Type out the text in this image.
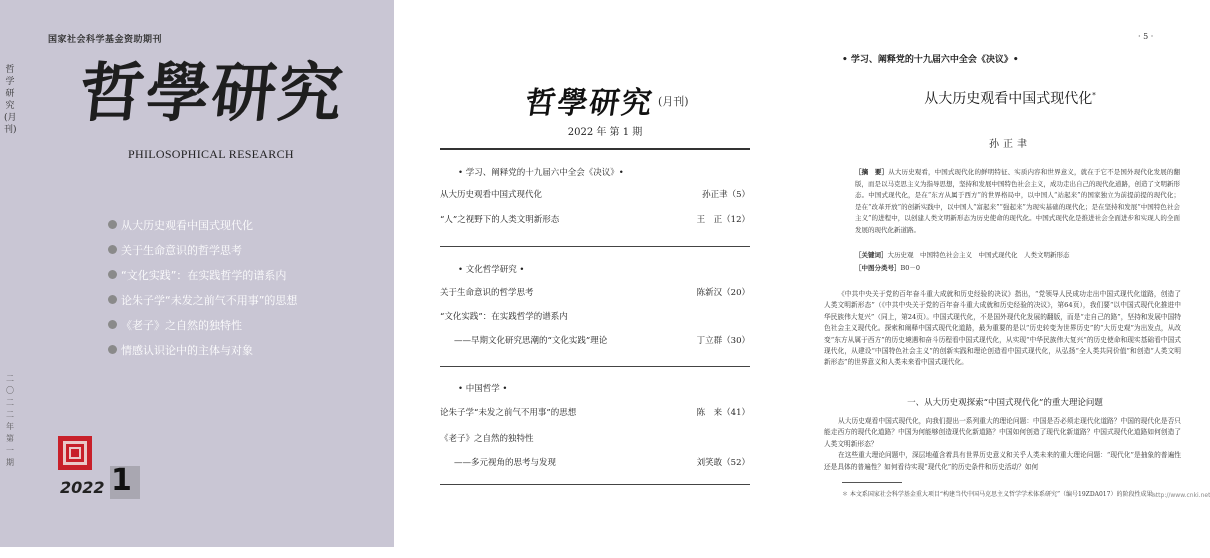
国家社会科学基金资助期刊
哲学研究(月刊) 哲學研究
PHILOSOPHICAL RESEARCH
从大历史观看中国式现代化
关于生命意识的哲学思考
“文化实践”：在实践哲学的谱系内
论朱子学“未发之前气不用事”的思想
《老子》之自然的独特性
情感认识论中的主体与对象
二〇二二年 第一期
2022 1
哲學研究 (月刊)
2022 年 第 1 期
• 学习、阐释党的十九届六中全会《决议》•
从大历史观看中国式现代化	孙正聿（5）
“人”之视野下的人类文明新形态	王　正（12）
• 文化哲学研究 •
关于生命意识的哲学思考	陈新汉（20）
“文化实践”：在实践哲学的谱系内
——早期文化研究思潮的“文化实践”理论	丁立群（30）
• 中国哲学 •
论朱子学“未发之前气不用事”的思想	陈　来（41）
《老子》之自然的独特性
——多元视角的思考与发现	刘笑敢（52）
· 5 ·
• 学习、阐释党的十九届六中全会《决议》•
从大历史观看中国式现代化*
孙正聿
［摘　要］从大历史观看，中国式现代化的鲜明特征、实质内容和世界意义，就在于它不是国外现代化发展的翻版，而是以马克思主义为指导思想，坚持和发展中国特色社会主义，成功走出自己的现代化道路，创造了文明新形态。中国式现代化，是在“东方从属于西方”的世界格局中，以中国人“站起来”的国家独立为前提前提的现代化；是在“改革开放”的创新实践中，以中国人“富起来”“强起来”为现实基础的现代化；是在坚持和发展“中国特色社会主义”的进程中，以创建人类文明新形态为历史使命的现代化。中国式现代化是推进社会全面进步和实现人的全面发展的现代化新道路。
［关键词］大历史观　中国特色社会主义　中国式现代化　人类文明新形态
［中图分类号］B0－0
《中共中央关于党的百年奋斗重大成就和历史经验的决议》指出，“党领导人民成功走出中国式现代化道路，创造了人类文明新形态”（《中共中央关于党的百年奋斗重大成就和历史经验的决议》，第64页），我们要“以中国式现代化推进中华民族伟大复兴”（同上，第24页）。中国式现代化，不是国外现代化发展的翻版，而是“走自己的路”，坚持和发展中国特色社会主义现代化。探索和阐释中国式现代化道路，最为重要的是以“历史转变为世界历史”的“大历史观”为出发点，从改变“东方从属于西方”的历史境遇和奋斗历程看中国式现代化，从实现“中华民族伟大复兴”的历史使命和现实基础看中国式现代化，从建设“中国特色社会主义”的创新实践和理论创造看中国式现代化，从弘扬“全人类共同价值”和创造“人类文明新形态”的世界意义和人类未来看中国式现代化。
一、从大历史观探索“中国式现代化”的重大理论问题

从大历史观看中国式现代化，向我们提出一系列重大的理论问题：中国是否必须走现代化道路？中国的现代化是否只能走西方的现代化道路？中国为何能够创造现代化新道路？中国如何创造了现代化新道路？中国式现代化道路如何创造了人类文明新形态？

在这些重大理论问题中，深层地蕴含着具有世界历史意义和关乎人类未来的重大理论问题：“现代化”是抽象的普遍性还是具体的普遍性？如何看待实现“现代化”的历史条件和历史活动？如何

＊ 本文系国家社会科学基金重大项目“构建当代中国马克思主义哲学学术体系研究”（编号19ZDA017）的阶段性成果。
http://www.cnki.net
